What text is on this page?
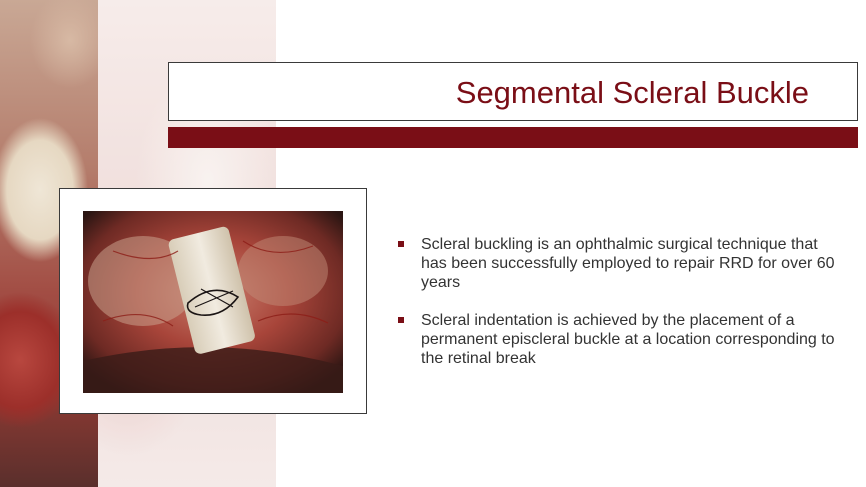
Segmental Scleral Buckle
Scleral buckling is an ophthalmic surgical technique that has been successfully employed to repair RRD for over 60 years
Scleral indentation is achieved by the placement of a permanent episcleral buckle at a location corresponding to the retinal break
